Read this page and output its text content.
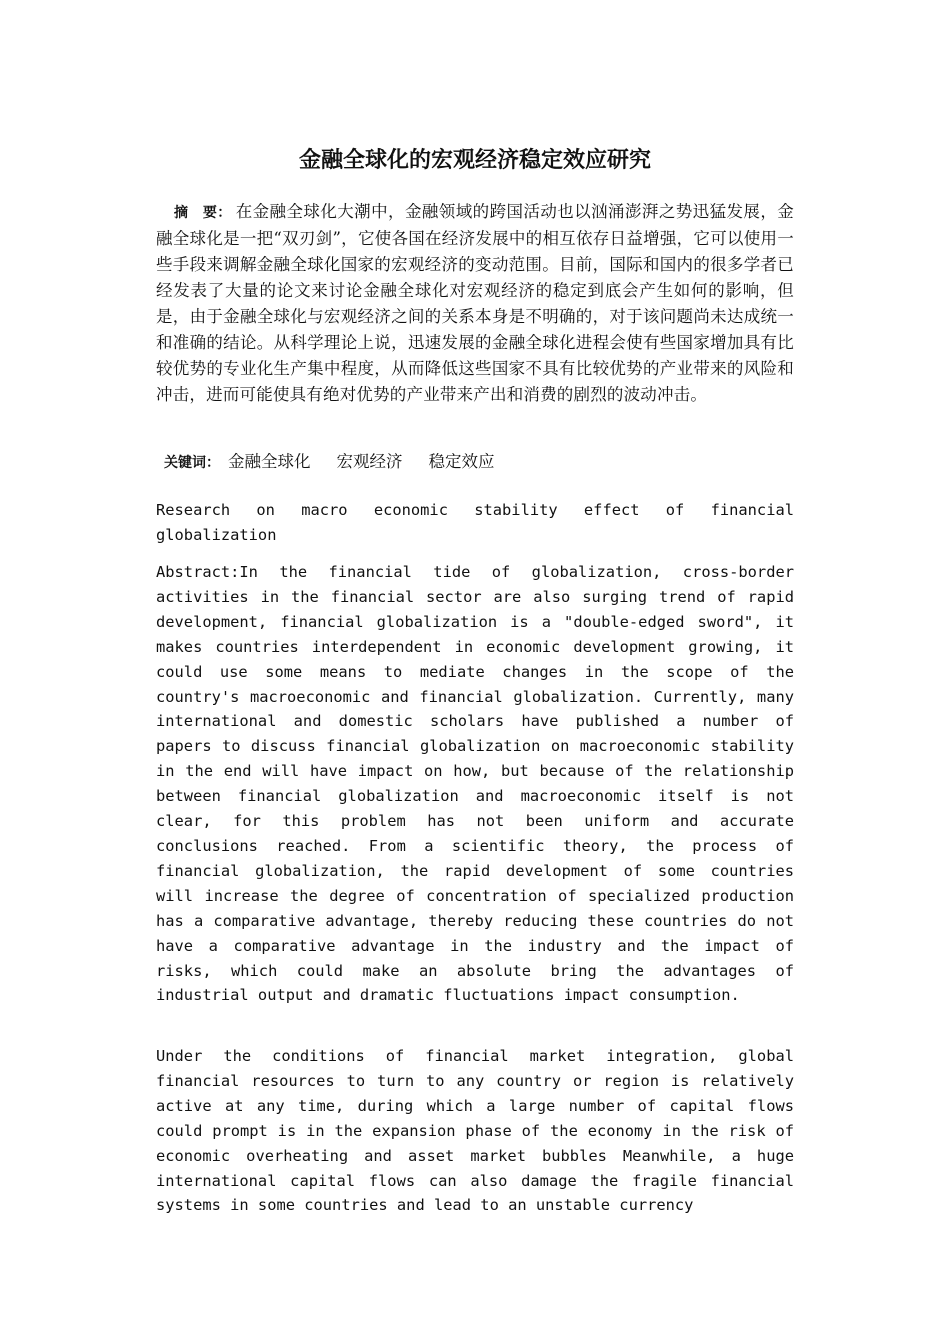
金融全球化的宏观经济稳定效应研究

摘　要： 在金融全球化大潮中，金融领域的跨国活动也以汹涌澎湃之势迅猛发展，金融全球化是一把“双刃剑”，它使各国在经济发展中的相互依存日益增强，它可以使用一些手段来调解金融全球化国家的宏观经济的变动范围。目前，国际和国内的很多学者已经发表了大量的论文来讨论金融全球化对宏观经济的稳定到底会产生如何的影响，但是，由于金融全球化与宏观经济之间的关系本身是不明确的，对于该问题尚未达成统一和准确的结论。从科学理论上说，迅速发展的金融全球化进程会使有些国家增加具有比较优势的专业化生产集中程度，从而降低这些国家不具有比较优势的产业带来的风险和冲击，进而可能使具有绝对优势的产业带来产出和消费的剧烈的波动冲击。

关键词： 金融全球化 宏观经济 稳定效应

Research on macro economic stability effect of financial globalization

Abstract:In the financial tide of globalization, cross-border activities in the financial sector are also surging trend of rapid development, financial globalization is a "double-edged sword", it makes countries interdependent in economic development growing, it could use some means to mediate changes in the scope of the country's macroeconomic and financial globalization. Currently, many international and domestic scholars have published a number of papers to discuss financial globalization on macroeconomic stability in the end will have impact on how, but because of the relationship between financial globalization and macroeconomic itself is not clear, for this problem has not been uniform and accurate conclusions reached. From a scientific theory, the process of financial globalization, the rapid development of some countries will increase the degree of concentration of specialized production has a comparative advantage, thereby reducing these countries do not have a comparative advantage in the industry and the impact of risks, which could make an absolute bring the advantages of industrial output and dramatic fluctuations impact consumption.

Under the conditions of financial market integration, global financial resources to turn to any country or region is relatively active at any time, during which a large number of capital flows could prompt is in the expansion phase of the economy in the risk of economic overheating and asset market bubbles Meanwhile, a huge international capital flows can also damage the fragile financial systems in some countries and lead to an unstable currency
